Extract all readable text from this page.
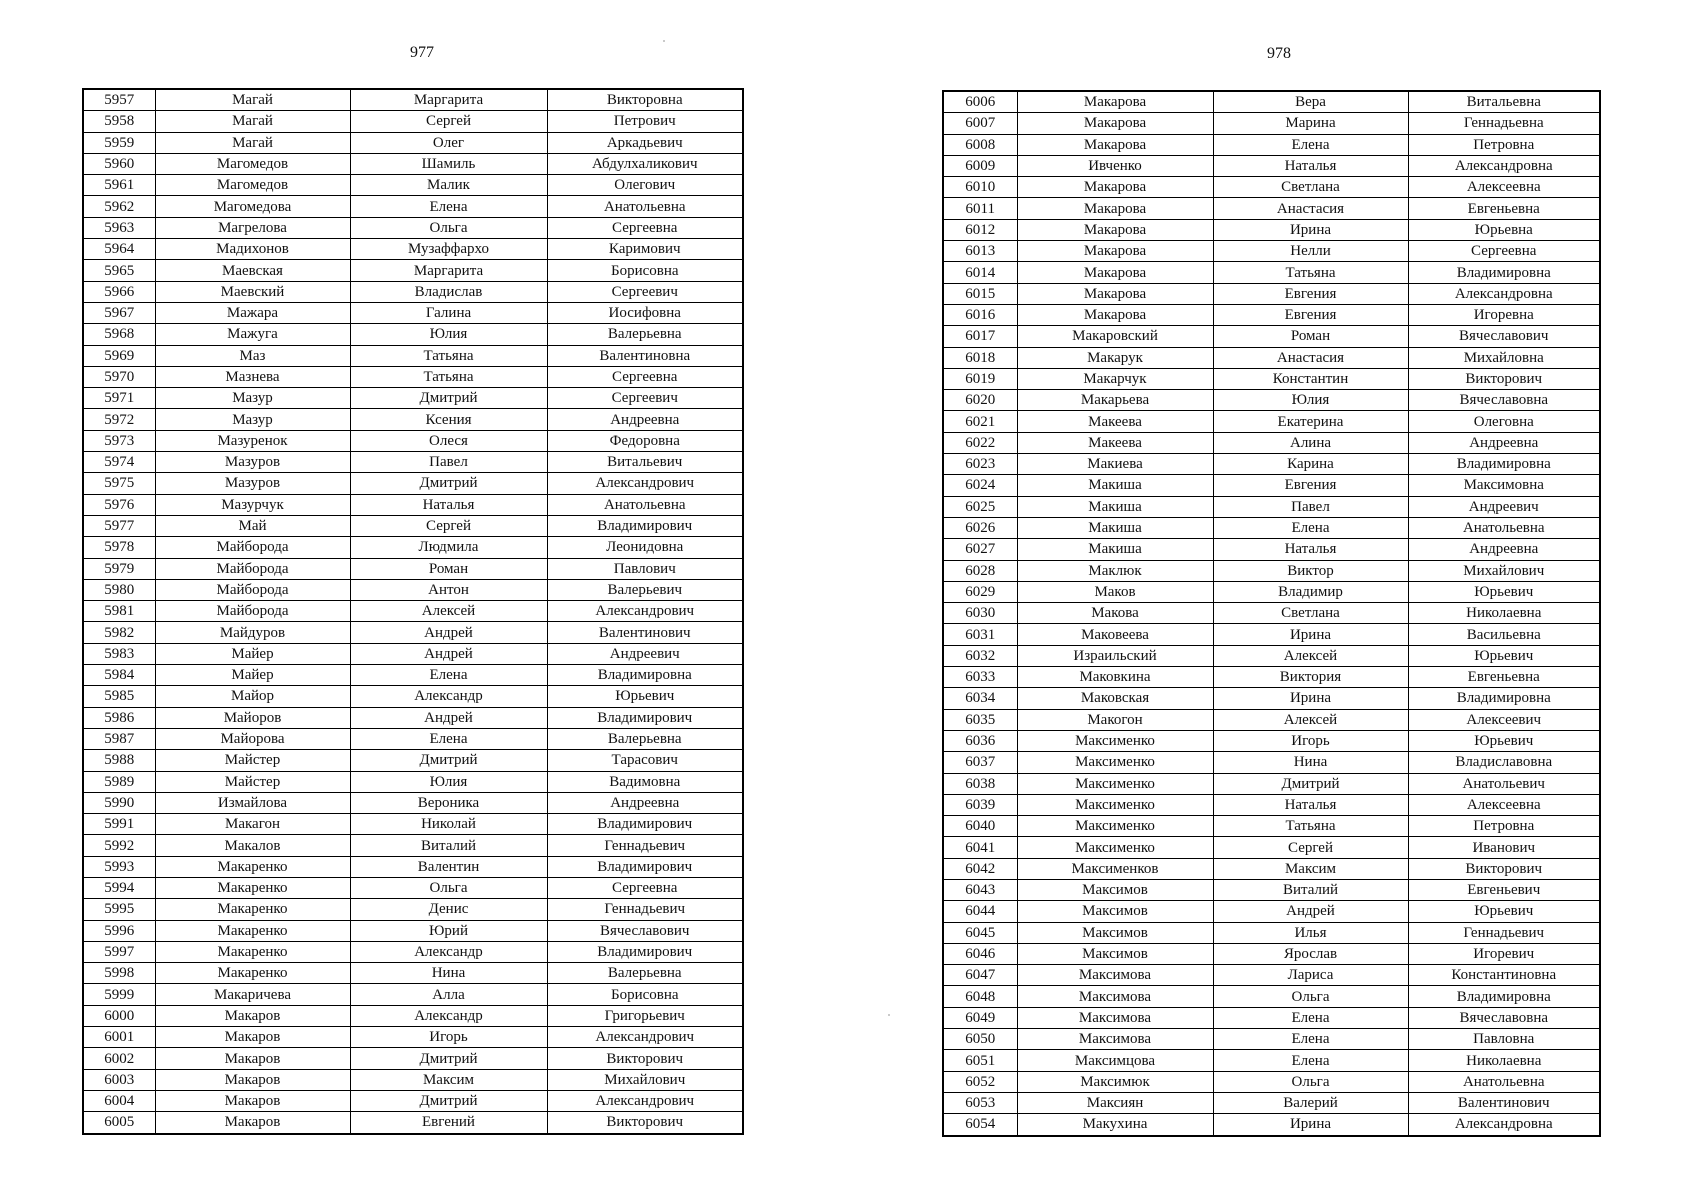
977
5957	Магай	Маргарита	Викторовна
5958	Магай	Сергей	Петрович
5959	Магай	Олег	Аркадьевич
5960	Магомедов	Шамиль	Абдулхаликович
5961	Магомедов	Малик	Олегович
5962	Магомедова	Елена	Анатольевна
5963	Магрелова	Ольга	Сергеевна
5964	Мадихонов	Музаффархо	Каримович
5965	Маевская	Маргарита	Борисовна
5966	Маевский	Владислав	Сергеевич
5967	Мажара	Галина	Иосифовна
5968	Мажуга	Юлия	Валерьевна
5969	Маз	Татьяна	Валентиновна
5970	Мазнева	Татьяна	Сергеевна
5971	Мазур	Дмитрий	Сергеевич
5972	Мазур	Ксения	Андреевна
5973	Мазуренок	Олеся	Федоровна
5974	Мазуров	Павел	Витальевич
5975	Мазуров	Дмитрий	Александрович
5976	Мазурчук	Наталья	Анатольевна
5977	Май	Сергей	Владимирович
5978	Майборода	Людмила	Леонидовна
5979	Майборода	Роман	Павлович
5980	Майборода	Антон	Валерьевич
5981	Майборода	Алексей	Александрович
5982	Майдуров	Андрей	Валентинович
5983	Майер	Андрей	Андреевич
5984	Майер	Елена	Владимировна
5985	Майор	Александр	Юрьевич
5986	Майоров	Андрей	Владимирович
5987	Майорова	Елена	Валерьевна
5988	Майстер	Дмитрий	Тарасович
5989	Майстер	Юлия	Вадимовна
5990	Измайлова	Вероника	Андреевна
5991	Макагон	Николай	Владимирович
5992	Макалов	Виталий	Геннадьевич
5993	Макаренко	Валентин	Владимирович
5994	Макаренко	Ольга	Сергеевна
5995	Макаренко	Денис	Геннадьевич
5996	Макаренко	Юрий	Вячеславович
5997	Макаренко	Александр	Владимирович
5998	Макаренко	Нина	Валерьевна
5999	Макаричева	Алла	Борисовна
6000	Макаров	Александр	Григорьевич
6001	Макаров	Игорь	Александрович
6002	Макаров	Дмитрий	Викторович
6003	Макаров	Максим	Михайлович
6004	Макаров	Дмитрий	Александрович
6005	Макаров	Евгений	Викторович
978
6006	Макарова	Вера	Витальевна
6007	Макарова	Марина	Геннадьевна
6008	Макарова	Елена	Петровна
6009	Ивченко	Наталья	Александровна
6010	Макарова	Светлана	Алексеевна
6011	Макарова	Анастасия	Евгеньевна
6012	Макарова	Ирина	Юрьевна
6013	Макарова	Нелли	Сергеевна
6014	Макарова	Татьяна	Владимировна
6015	Макарова	Евгения	Александровна
6016	Макарова	Евгения	Игоревна
6017	Макаровский	Роман	Вячеславович
6018	Макарук	Анастасия	Михайловна
6019	Макарчук	Константин	Викторович
6020	Макарьева	Юлия	Вячеславовна
6021	Макеева	Екатерина	Олеговна
6022	Макеева	Алина	Андреевна
6023	Макиева	Карина	Владимировна
6024	Макиша	Евгения	Максимовна
6025	Макиша	Павел	Андреевич
6026	Макиша	Елена	Анатольевна
6027	Макиша	Наталья	Андреевна
6028	Маклюк	Виктор	Михайлович
6029	Маков	Владимир	Юрьевич
6030	Макова	Светлана	Николаевна
6031	Маковеева	Ирина	Васильевна
6032	Израильский	Алексей	Юрьевич
6033	Маковкина	Виктория	Евгеньевна
6034	Маковская	Ирина	Владимировна
6035	Макогон	Алексей	Алексеевич
6036	Максименко	Игорь	Юрьевич
6037	Максименко	Нина	Владиславовна
6038	Максименко	Дмитрий	Анатольевич
6039	Максименко	Наталья	Алексеевна
6040	Максименко	Татьяна	Петровна
6041	Максименко	Сергей	Иванович
6042	Максименков	Максим	Викторович
6043	Максимов	Виталий	Евгеньевич
6044	Максимов	Андрей	Юрьевич
6045	Максимов	Илья	Геннадьевич
6046	Максимов	Ярослав	Игоревич
6047	Максимова	Лариса	Константиновна
6048	Максимова	Ольга	Владимировна
6049	Максимова	Елена	Вячеславовна
6050	Максимова	Елена	Павловна
6051	Максимцова	Елена	Николаевна
6052	Максимюк	Ольга	Анатольевна
6053	Максиян	Валерий	Валентинович
6054	Макухина	Ирина	Александровна
